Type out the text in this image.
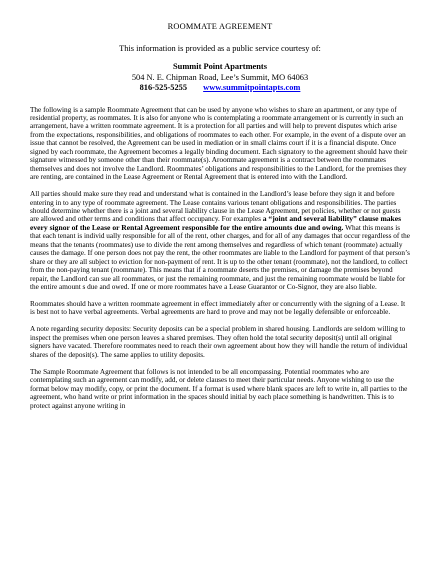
ROOMMATE AGREEMENT
This information is provided as a public service courtesy of:
Summit Point Apartments
504 N. E. Chipman Road, Lee’s Summit, MO 64063
816-525-5255 www.summitpointapts.com

The following is a sample Roommate Agreement that can be used by anyone who wishes to share an apartment, or any type of residential property, as roommates. It is also for anyone who is contemplating a roommate arrangement or is currently in such an arrangement, have a written roommate agreement. It is a protection for all parties and will help to prevent disputes which arise from the expectations, responsibilities, and obligations of roommates to each other. For example, in the event of a dispute over an issue that cannot be resolved, the Agreement can be used in mediation or in small claims court if it is a financial dispute. Once signed by each roommate, the Agreement becomes a legally binding document. Each signatory to the agreement should have their signature witnessed by someone other than their roommate(s). Aroommate agreement is a contract between the roommates themselves and does not involve the Landlord. Roommates’ obligations and responsibilities to the Landlord, for the premises they are renting, are contained in the Lease Agreement or Rental Agreement that is entered into with the Landlord.

All parties should make sure they read and understand what is contained in the Landlord’s lease before they sign it and before entering in to any type of roommate agreement. The Lease contains various tenant obligations and responsibilities. The parties should determine whether there is a joint and several liability clause in the Lease Agreement, pet policies, whether or not guests are allowed and other terms and conditions that affect occupancy. For examples a “joint and several liability” clause makes every signor of the Lease or Rental Agreement responsible for the entire amounts due and owing. What this means is that each tenant is individ ually responsible for all of the rent, other charges, and for all of any damages that occur regardless of the means that the tenants (roommates) use to divide the rent among themselves and regardless of which tenant (roommate) actually causes the damage. If one person does not pay the rent, the other roommates are liable to the Landlord for payment of that person’s share or they are all subject to eviction for non-payment of rent. It is up to the other tenant (roommate), not the landlord, to collect from the non-paying tenant (roommate). This means that if a roommate deserts the premises, or damage the premises beyond repair, the Landlord can sue all roommates, or just the remaining roommate, and just the remaining roommate would be liable for the entire amount s due and owed. If one or more roommates have a Lease Guarantor or Co-Signor, they are also liable.

Roommates should have a written roommate agreement in effect immediately after or concurrently with the signing of a Lease. It is best not to have verbal agreements. Verbal agreements are hard to prove and may not be legally defensible or enforceable.

A note regarding security deposits: Security deposits can be a special problem in shared housing. Landlords are seldom willing to inspect the premises when one person leaves a shared premises. They often hold the total security deposit(s) until all original signers have vacated. Therefore roommates need to reach their own agreement about how they will handle the return of individual shares of the deposit(s). The same applies to utility deposits.

The Sample Roommate Agreement that follows is not intended to be all encompassing. Potential roommates who are contemplating such an agreement can modify, add, or delete clauses to meet their particular needs. Anyone wishing to use the format below may modify, copy, or print the document. If a format is used where blank spaces are left to write in, all parties to the agreement, who hand write or print information in the spaces should initial by each place something is handwritten. This is to protect against anyone writing in
